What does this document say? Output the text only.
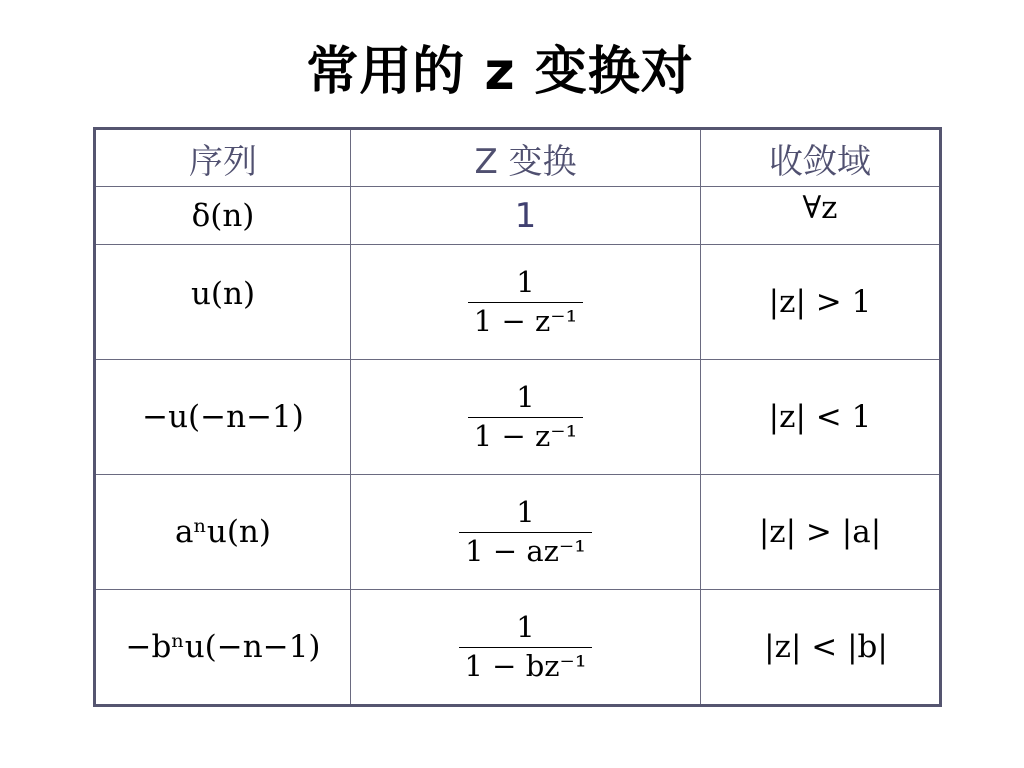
常用的 z 变换对
序列	Z 变换	收敛域
δ(n)	1	∀z
u(n)	$\frac{1}{\text{1 − z⁻¹}}$	|z| > 1
−u(−n−1)	$\frac{1}{\text{1 − z⁻¹}}$	|z| < 1
aⁿu(n)	$\frac{1}{\text{1 − az⁻¹}}$	|z| > |a|
−bⁿu(−n−1)	$\frac{1}{\text{1 − bz⁻¹}}$	|z| < |b|
